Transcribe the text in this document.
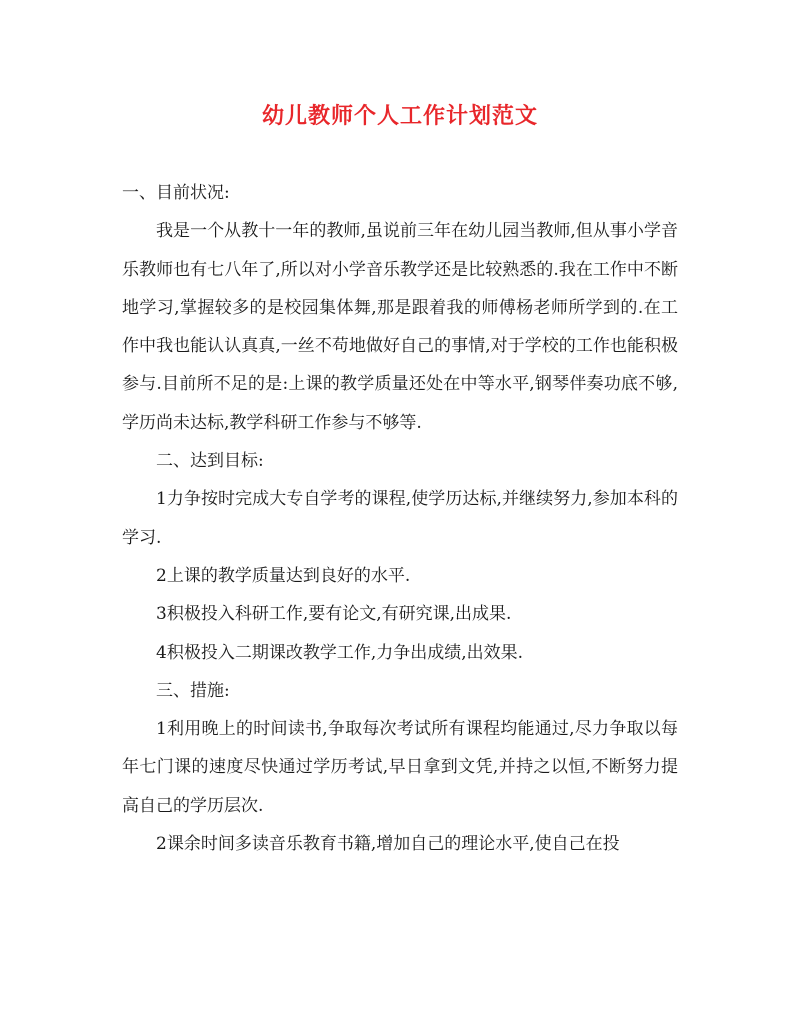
幼儿教师个人工作计划范文

一、目前状况:

我是一个从教十一年的教师,虽说前三年在幼儿园当教师,但从事小学音乐教师也有七八年了,所以对小学音乐教学还是比较熟悉的.我在工作中不断地学习,掌握较多的是校园集体舞,那是跟着我的师傅杨老师所学到的.在工作中我也能认认真真,一丝不苟地做好自己的事情,对于学校的工作也能积极参与.目前所不足的是:上课的教学质量还处在中等水平,钢琴伴奏功底不够,学历尚未达标,教学科研工作参与不够等.

二、达到目标:

1力争按时完成大专自学考的课程,使学历达标,并继续努力,参加本科的学习.

2上课的教学质量达到良好的水平.

3积极投入科研工作,要有论文,有研究课,出成果.

4积极投入二期课改教学工作,力争出成绩,出效果.

三、措施:

1利用晚上的时间读书,争取每次考试所有课程均能通过,尽力争取以每年七门课的速度尽快通过学历考试,早日拿到文凭,并持之以恒,不断努力提高自己的学历层次.

2课余时间多读音乐教育书籍,增加自己的理论水平,使自己在投
